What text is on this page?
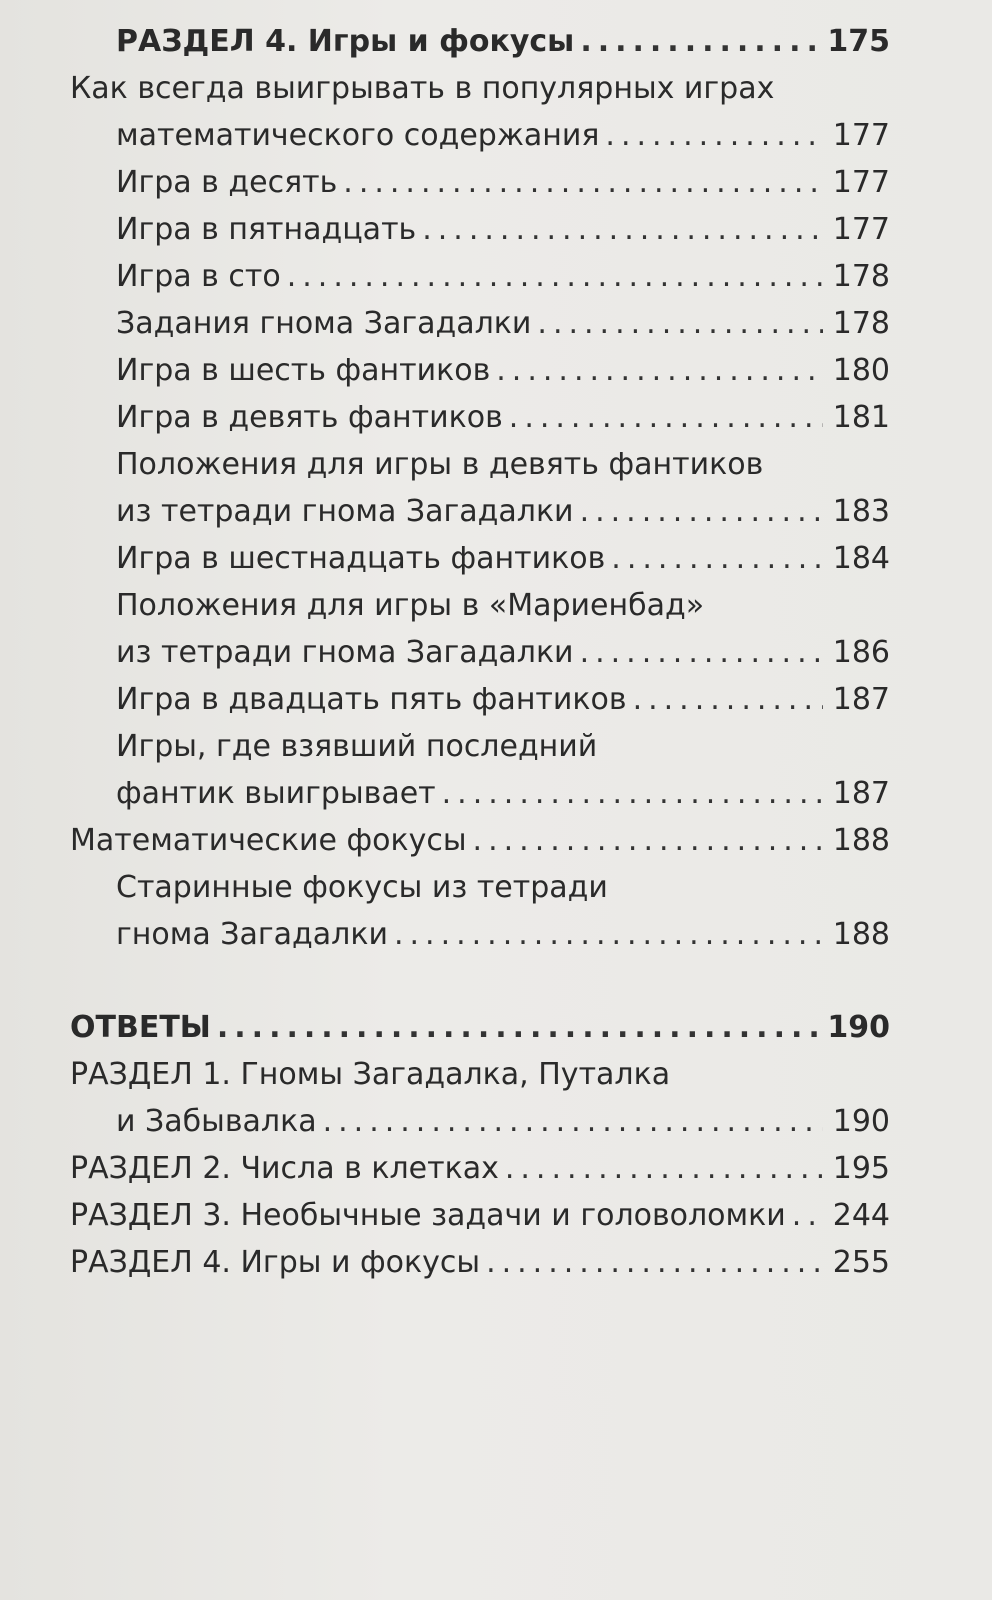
РАЗДЕЛ 4. Игры и фокусы .....	175
Как всегда выигрывать в популярных играх
математического содержания .....	177
Игра в десять .....	177
Игра в пятнадцать .....	177
Игра в сто .....	178
Задания гнома Загадалки .....	178
Игра в шесть фантиков .....	180
Игра в девять фантиков .....	181
Положения для игры в девять фантиков
из тетради гнома Загадалки .....	183
Игра в шестнадцать фантиков .....	184
Положения для игры в «Мариенбад»
из тетради гнома Загадалки .....	186
Игра в двадцать пять фантиков .....	187
Игры, где взявший последний
фантик выигрывает .....	187
Математические фокусы .....	188
Старинные фокусы из тетради
гнома Загадалки .....	188
ОТВЕТЫ .....	190
РАЗДЕЛ 1. Гномы Загадалка, Путалка
и Забывалка .....	190
РАЗДЕЛ 2. Числа в клетках .....	195
РАЗДЕЛ 3. Необычные задачи и головоломки ..... 244
РАЗДЕЛ 4. Игры и фокусы .....	255
